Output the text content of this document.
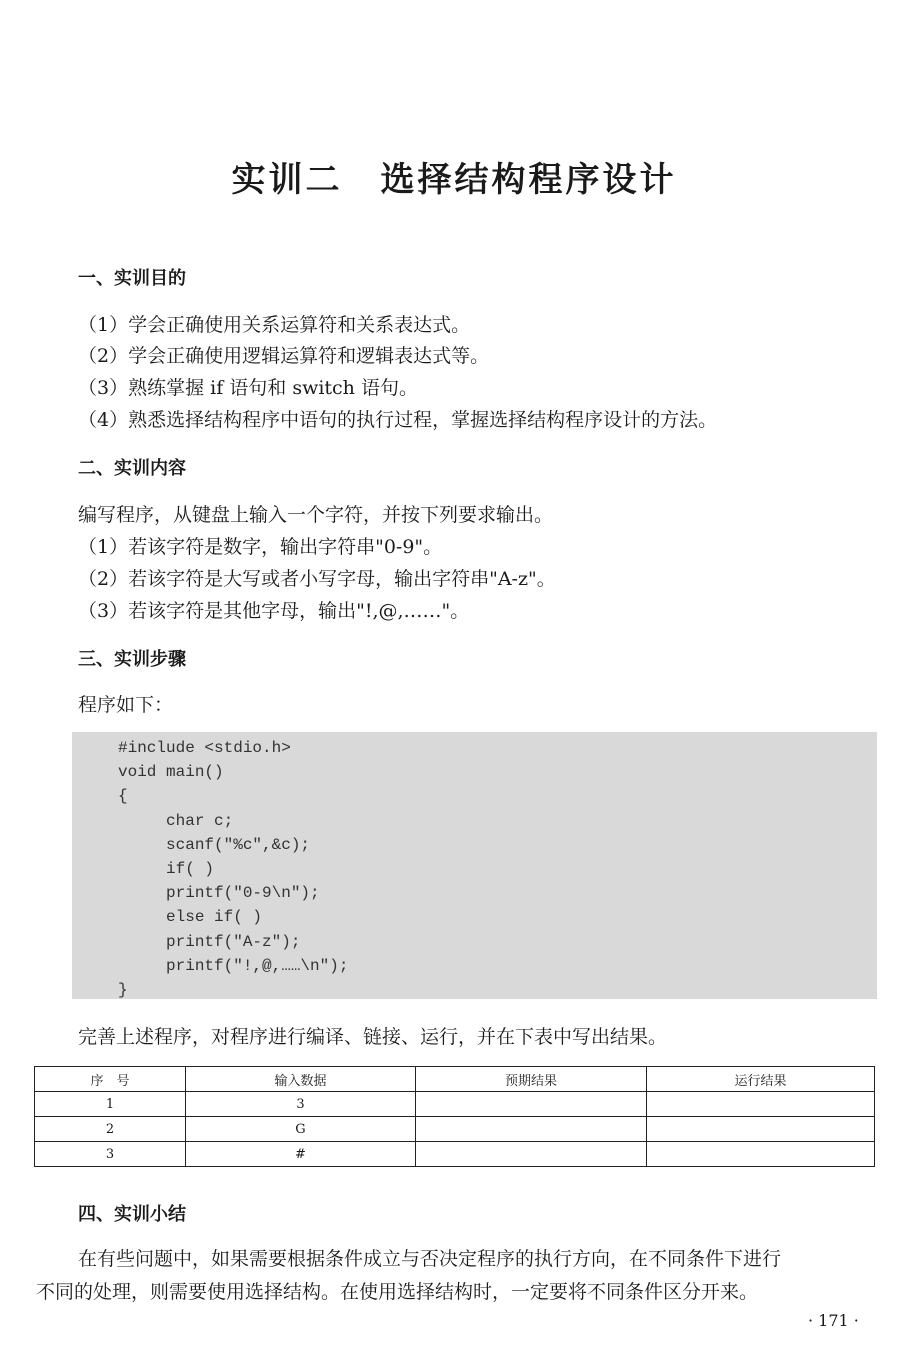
实训二 选择结构程序设计
一、实训目的
（1）学会正确使用关系运算符和关系表达式。
（2）学会正确使用逻辑运算符和逻辑表达式等。
（3）熟练掌握 if 语句和 switch 语句。
（4）熟悉选择结构程序中语句的执行过程，掌握选择结构程序设计的方法。
二、实训内容
编写程序，从键盘上输入一个字符，并按下列要求输出。
（1）若该字符是数字，输出字符串"0-9"。
（2）若该字符是大写或者小写字母，输出字符串"A-z"。
（3）若该字符是其他字母，输出"!,@,……"。
三、实训步骤
程序如下：
#include <stdio.h>
void main()
{
char c;
scanf("%c",&c);
if( )
printf("0-9\n");
else if( )
printf("A-z");
printf("!,@,……\n");
}
完善上述程序，对程序进行编译、链接、运行，并在下表中写出结果。
序　号	输入数据	预期结果	运行结果
1	3		
2	G		
3	#		
四、实训小结
在有些问题中，如果需要根据条件成立与否决定程序的执行方向，在不同条件下进行
不同的处理，则需要使用选择结构。在使用选择结构时，一定要将不同条件区分开来。
· 171 ·
